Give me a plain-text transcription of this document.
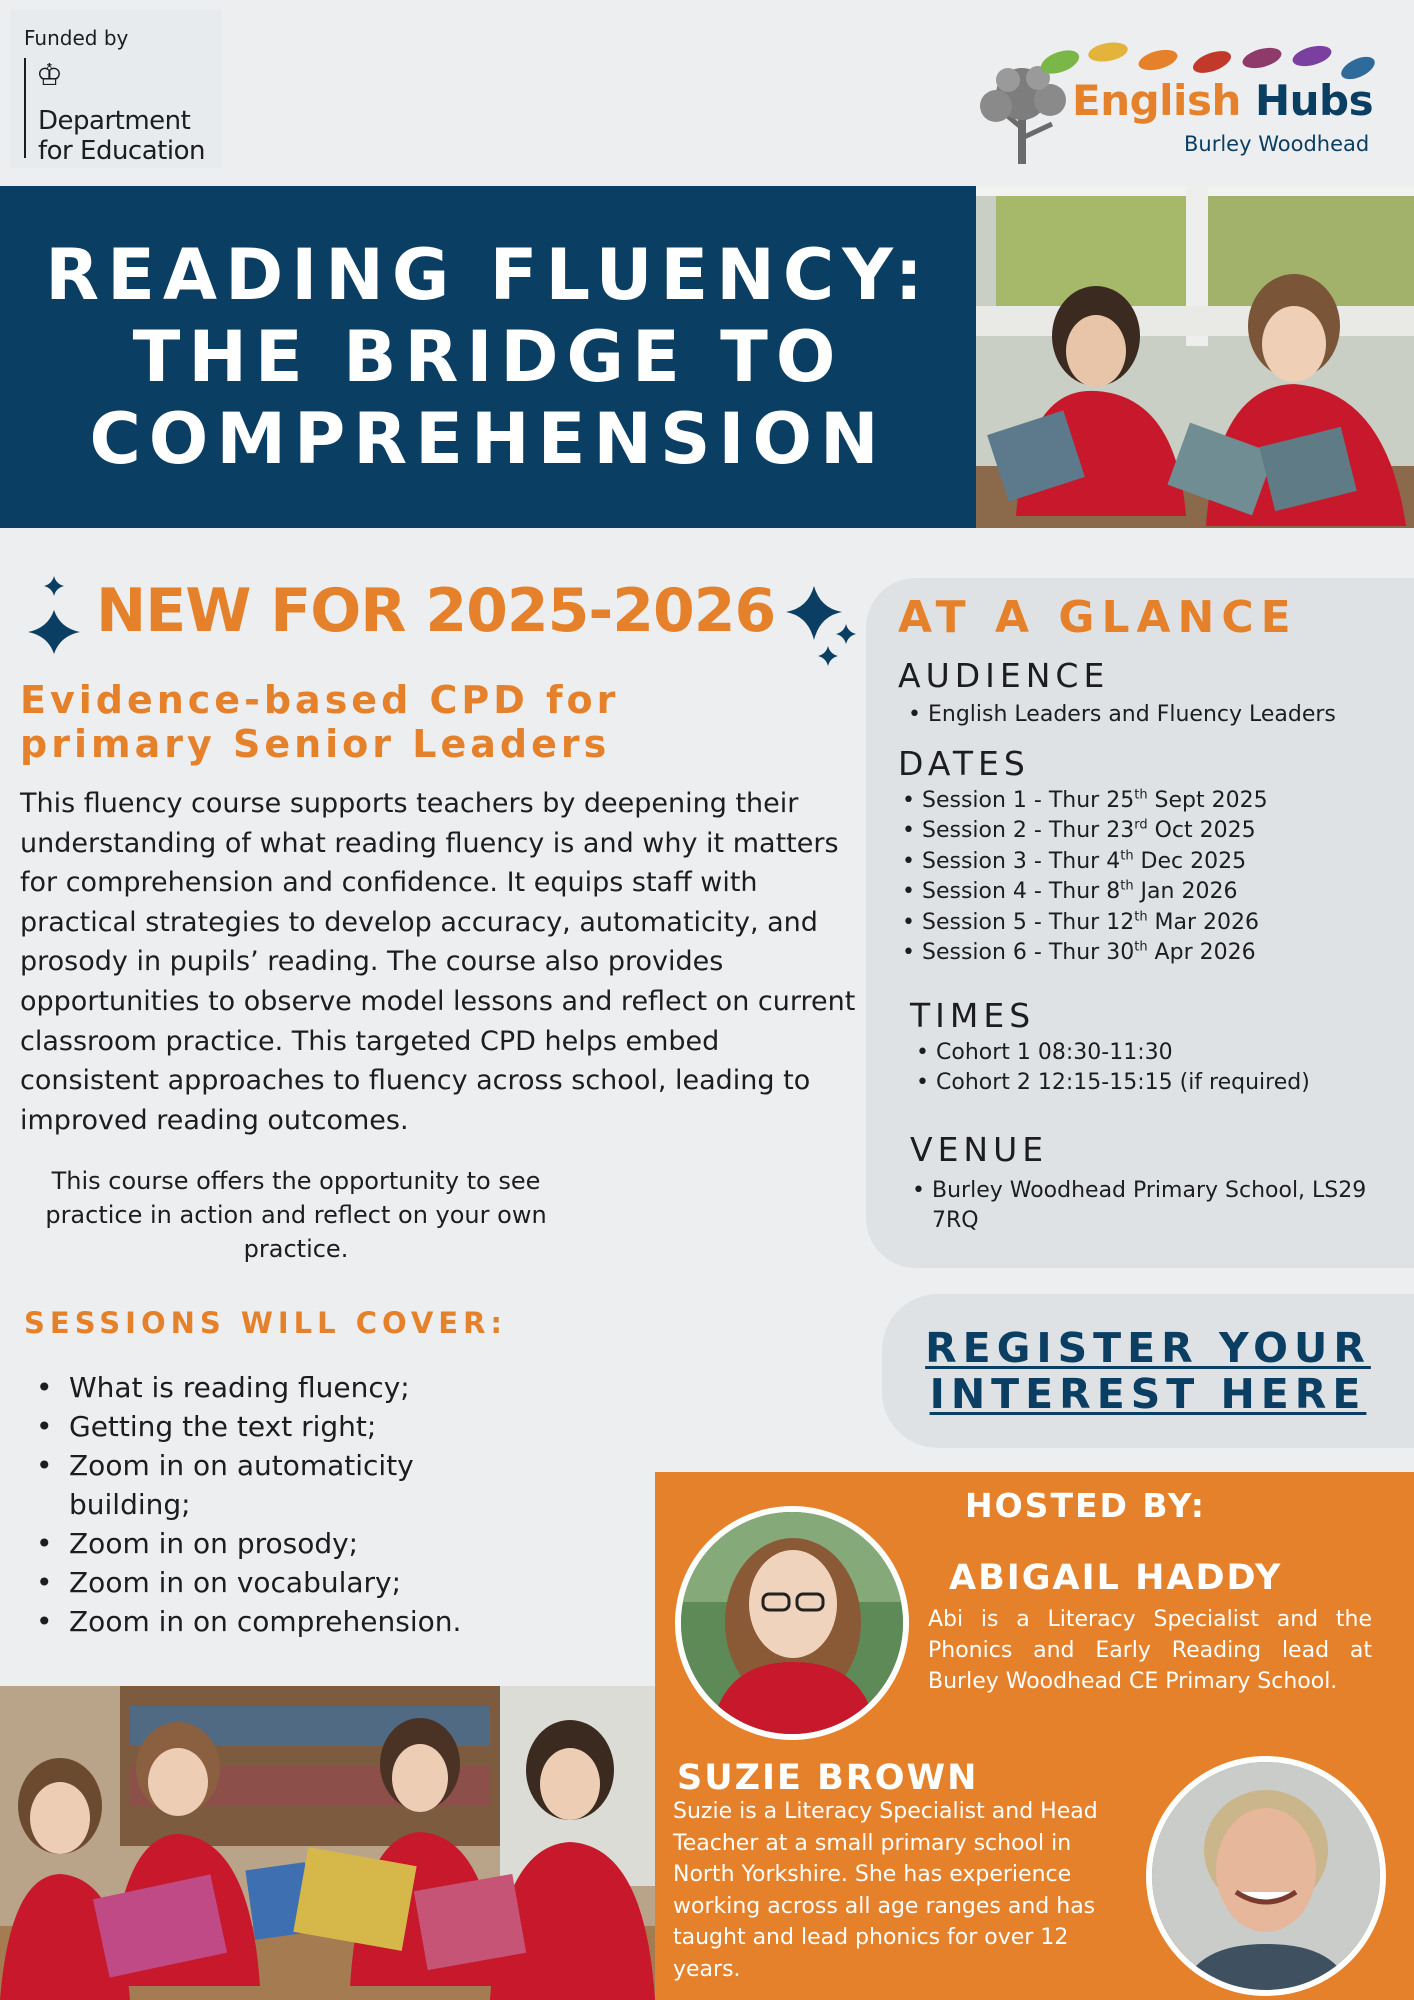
Funded by
♔
Department
for Education
English Hubs
Burley Woodhead
READING FLUENCY:
THE BRIDGE TO
COMPREHENSION
NEW FOR 2025-2026
Evidence-based CPD for
primary Senior Leaders
This fluency course supports teachers by deepening their understanding of what reading fluency is and why it matters for comprehension and confidence. It equips staff with practical strategies to develop accuracy, automaticity, and prosody in pupils’ reading. The course also provides opportunities to observe model lessons and reflect on current classroom practice. This targeted CPD helps embed consistent approaches to fluency across school, leading to improved reading outcomes.
This course offers the opportunity to see practice in action and reflect on your own practice.
SESSIONS WILL COVER:
• What is reading fluency;
• Getting the text right;
• Zoom in on automaticity building;
• Zoom in on prosody;
• Zoom in on vocabulary;
• Zoom in on comprehension.
AT A GLANCE
AUDIENCE
• English Leaders and Fluency Leaders
DATES
• Session 1 - Thur 25th Sept 2025
• Session 2 - Thur 23rd Oct 2025
• Session 3 - Thur 4th Dec 2025
• Session 4 - Thur 8th Jan 2026
• Session 5 - Thur 12th Mar 2026
• Session 6 - Thur 30th Apr 2026
TIMES
• Cohort 1 08:30-11:30
• Cohort 2 12:15-15:15 (if required)
VENUE
• Burley Woodhead Primary School, LS29 7RQ
REGISTER YOUR
INTEREST HERE
HOSTED BY:
ABIGAIL HADDY
Abi is a Literacy Specialist and the Phonics and Early Reading lead at Burley Woodhead CE Primary School.
SUZIE BROWN
Suzie is a Literacy Specialist and Head Teacher at a small primary school in North Yorkshire. She has experience working across all age ranges and has taught and lead phonics for over 12 years.
